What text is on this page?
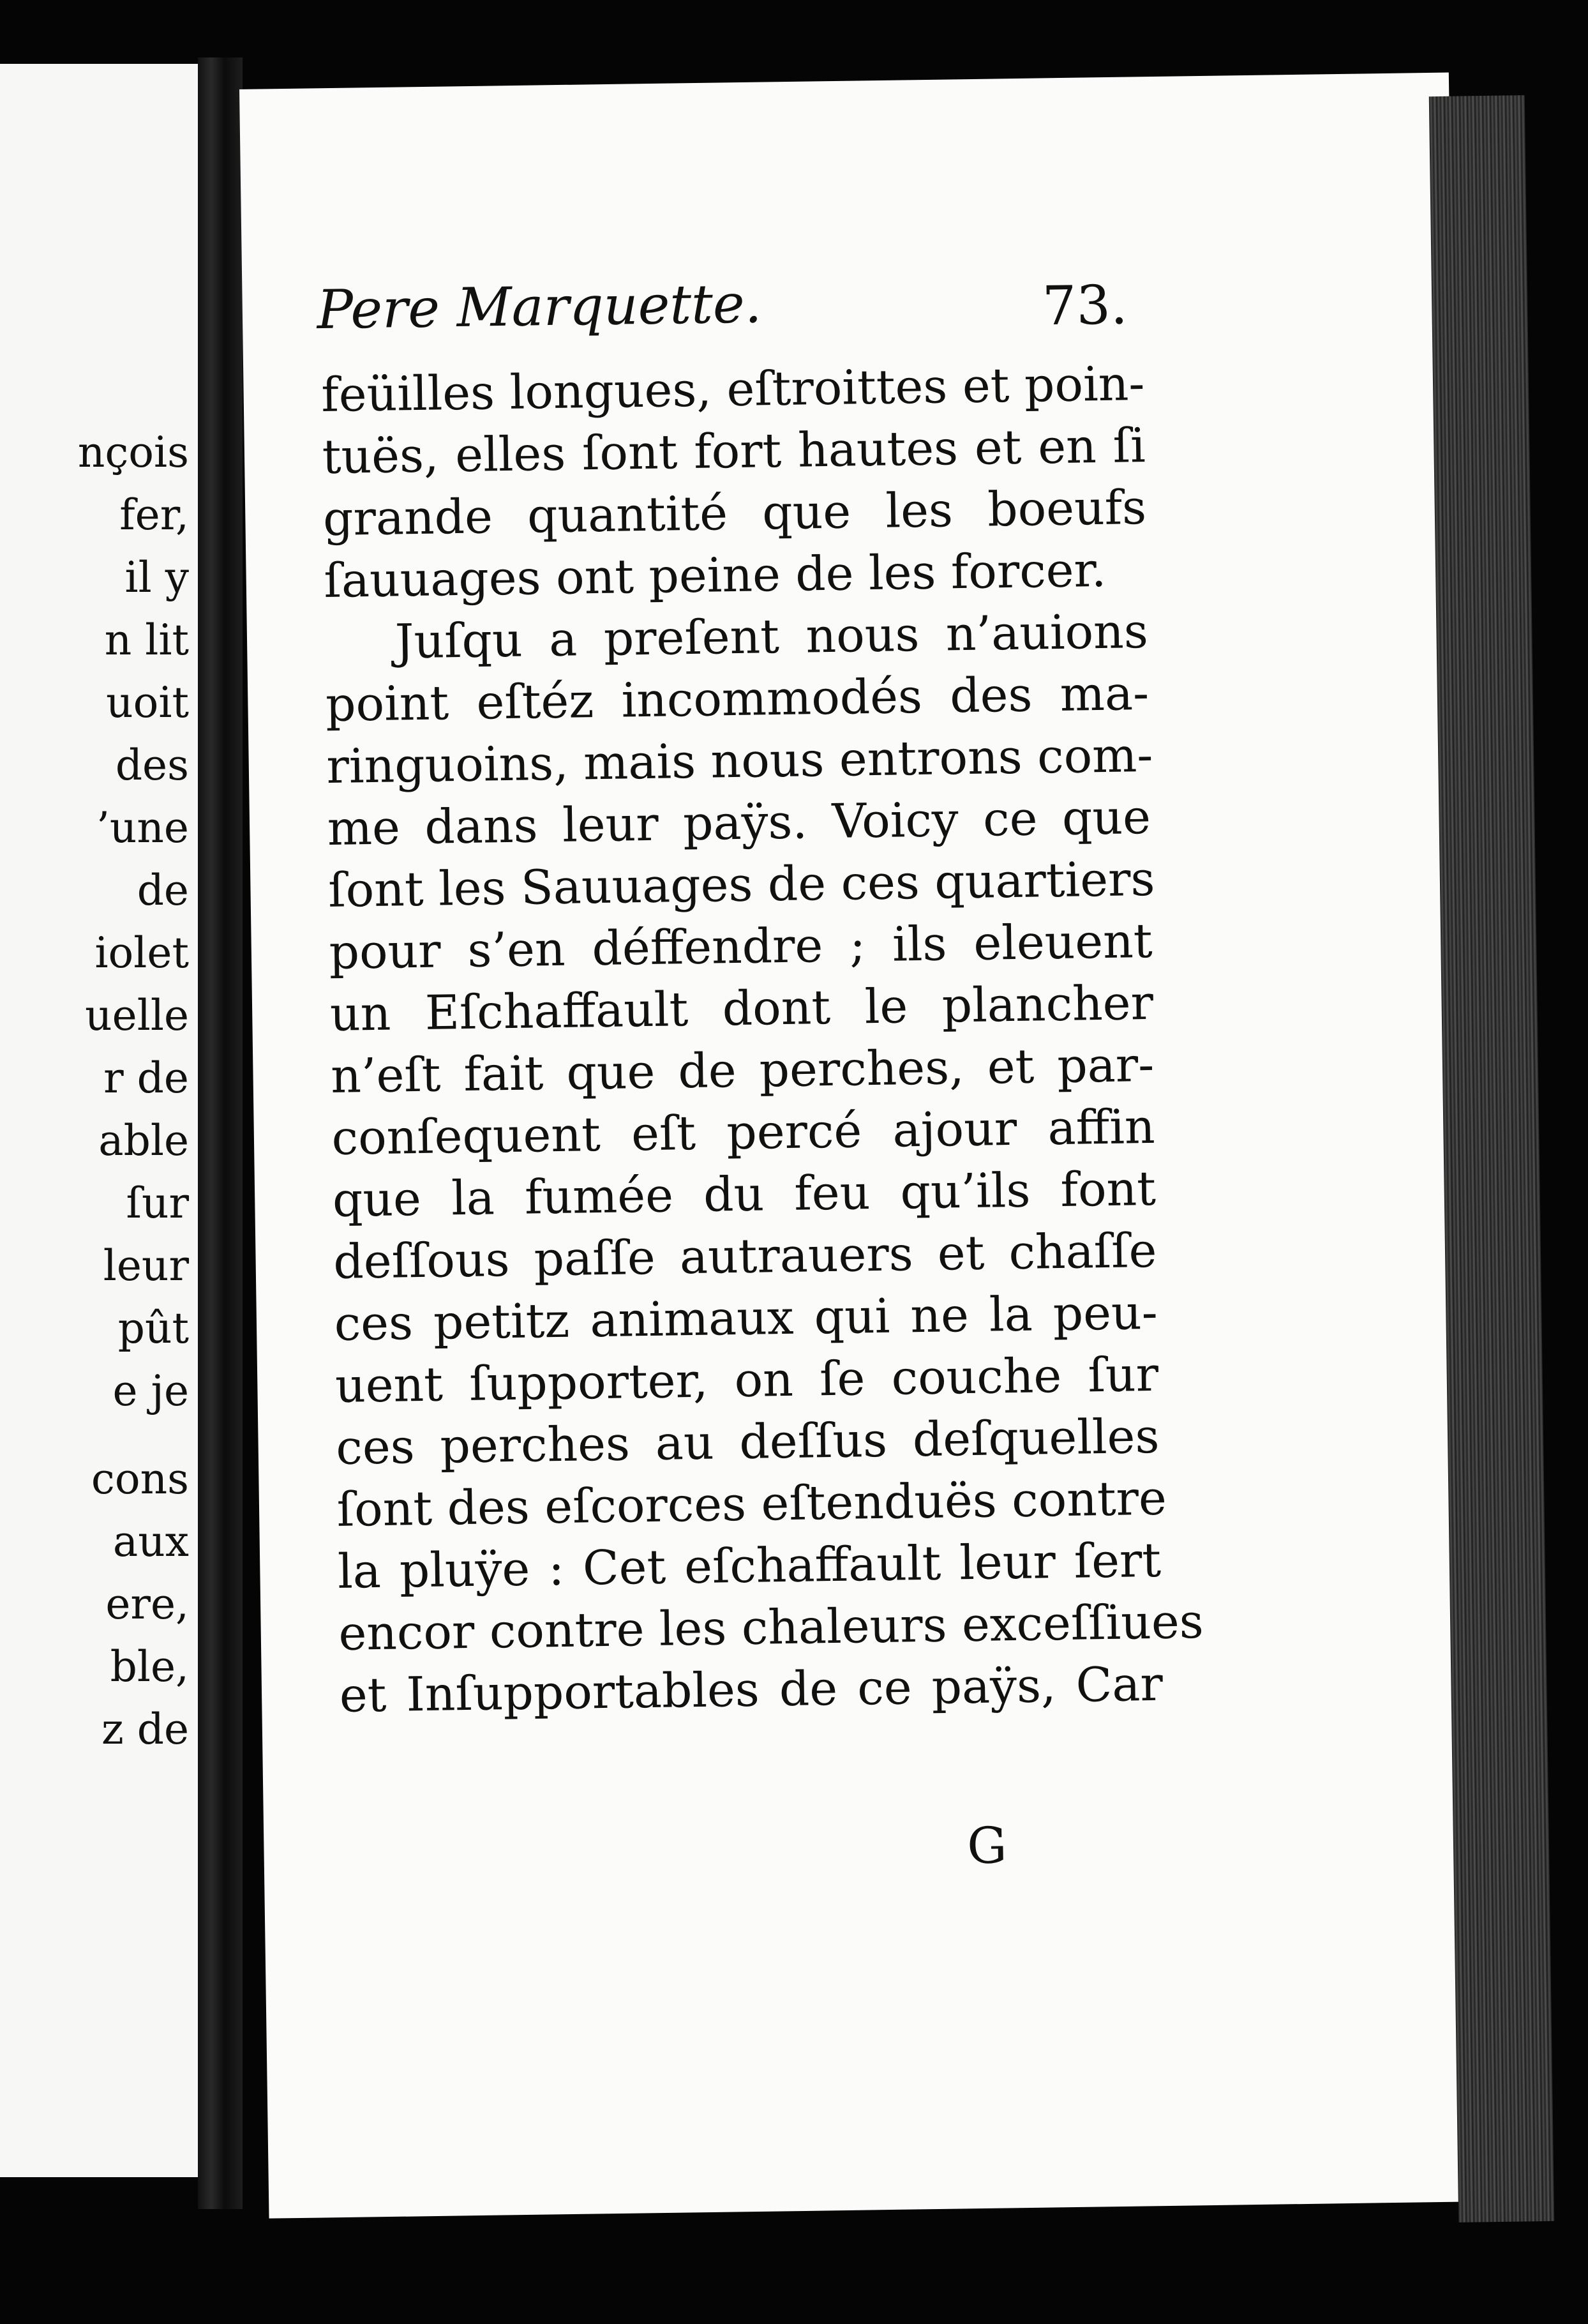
nçois
fer,
il y
n lit
uoit
des
’une
de
iolet
uelle
r de
able
ſur
leur
pût
e je
cons
aux
ere,
ble,
z de
Pere Marquette.	73.
feüilles longues, eſtroittes et poin-
tuës, elles ſont fort hautes et en ſi
grande quantité que les boeufs
ſauuages ont peine de les forcer.
Juſqu a preſent nous n’auions
point eſtéz incommodés des ma-
ringuoins, mais nous entrons com-
me dans leur paÿs. Voicy ce que
ſont les Sauuages de ces quartiers
pour s’en déffendre ; ils eleuent
un Eſchaffault dont le plancher
n’eſt fait que de perches, et par-
conſequent eſt percé ajour affin
que la fumée du feu qu’ils font
deſſous paſſe autrauers et chaſſe
ces petitz animaux qui ne la peu-
uent ſupporter, on ſe couche ſur
ces perches au deſſus deſquelles
ſont des eſcorces eſtenduës contre
la pluÿe : Cet eſchaffault leur ſert
encor contre les chaleurs exceſſiues
et Inſupportables de ce paÿs, Car
G
